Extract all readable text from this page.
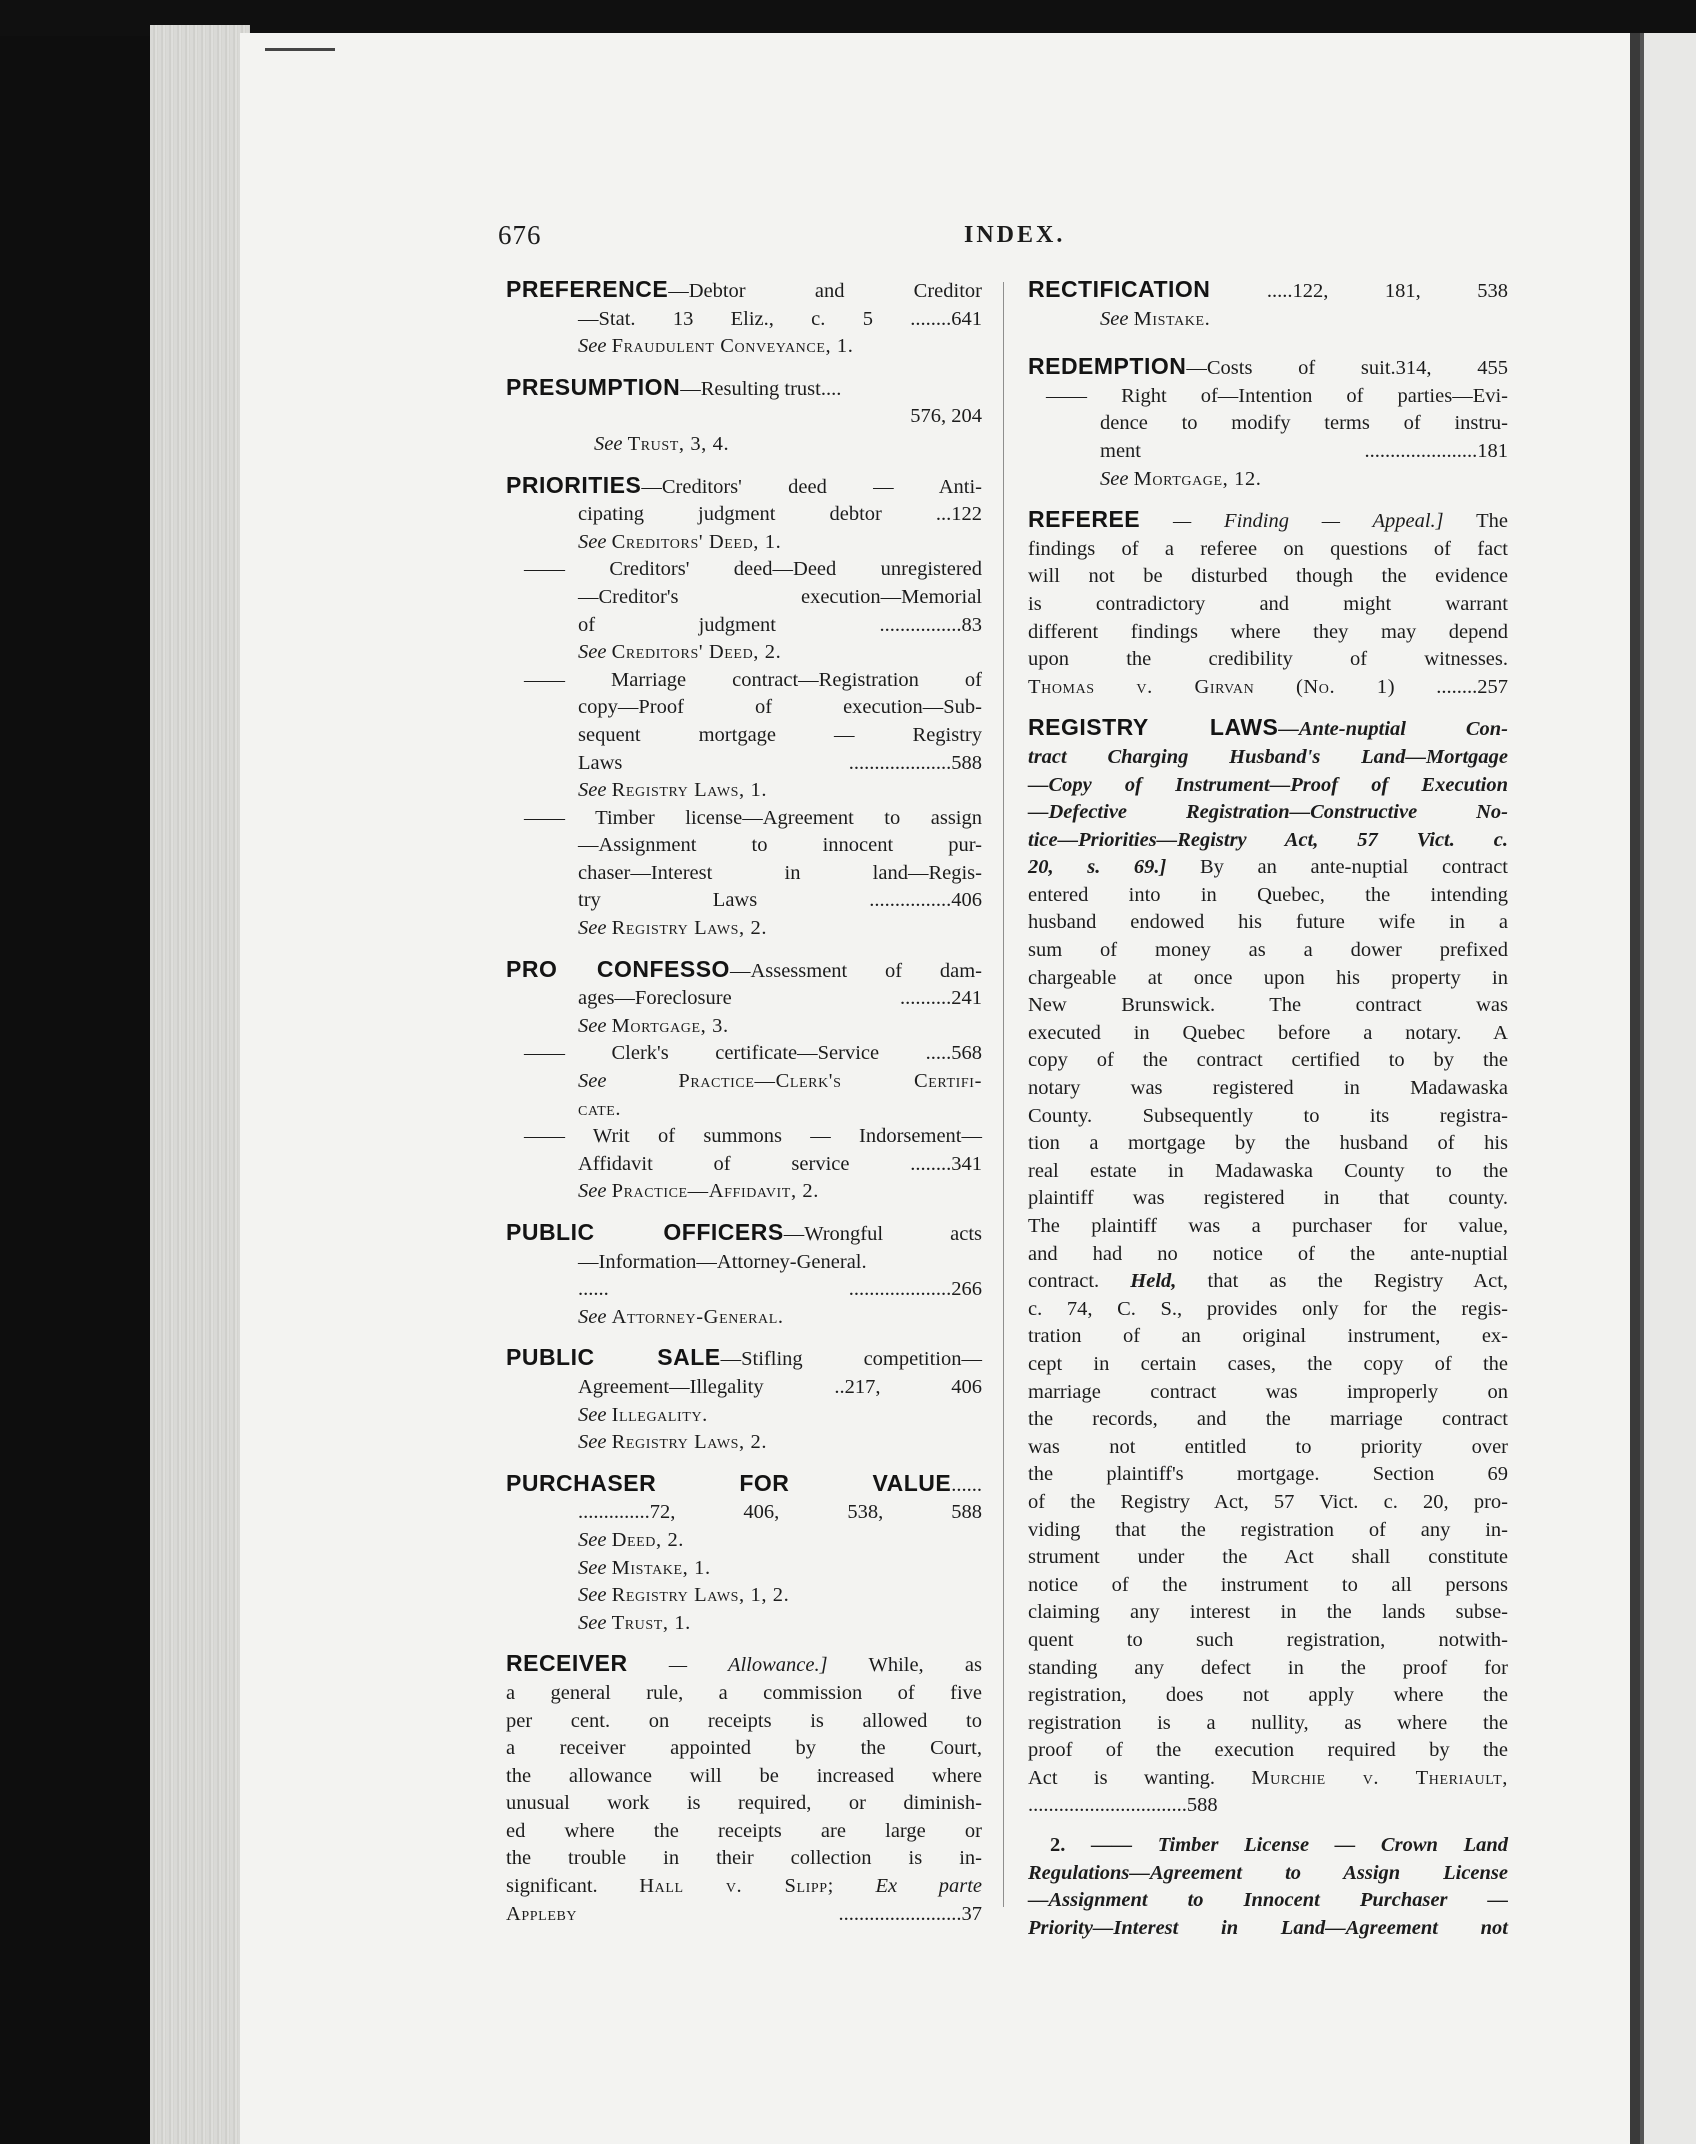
676	INDEX.
PREFERENCE—Debtor and Creditor
—Stat. 13 Eliz., c. 5 ........641
See Fraudulent Conveyance, 1.
PRESUMPTION—Resulting trust....
576, 204
See Trust, 3, 4.
PRIORITIES—Creditors' deed — Anti-
cipating judgment debtor ...122
See Creditors' Deed, 1.
—— Creditors' deed—Deed unregistered
—Creditor's execution—Memorial
of judgment ................83
See Creditors' Deed, 2.
—— Marriage contract—Registration of
copy—Proof of execution—Sub-
sequent mortgage — Registry
Laws ....................588
See Registry Laws, 1.
—— Timber license—Agreement to assign
—Assignment to innocent pur-
chaser—Interest in land—Regis-
try Laws ................406
See Registry Laws, 2.
PRO CONFESSO—Assessment of dam-
ages—Foreclosure ..........241
See Mortgage, 3.
—— Clerk's certificate—Service .....568
See	Practice—Clerk's Certifi-
cate.
—— Writ of summons — Indorsement—
Affidavit of service ........341
See Practice—Affidavit, 2.
PUBLIC OFFICERS—Wrongful acts
—Information—Attorney-General.
...... ....................266
See Attorney-General.
PUBLIC SALE—Stifling competition—
Agreement—Illegality ..217, 406
See Illegality.
See Registry Laws, 2.
PURCHASER FOR VALUE......
..............72, 406, 538, 588
See Deed, 2.
See Mistake, 1.
See Registry Laws, 1, 2.
See Trust, 1.
RECEIVER — Allowance.] While, as
a general rule, a commission of five
per cent. on receipts is allowed to
a receiver appointed by the Court,
the allowance will be increased where
unusual work is required, or diminish-
ed where the receipts are large or
the trouble in their collection is in-
significant. Hall v. Slipp; Ex parte
Appleby	........................37
RECTIFICATION	.....122, 181, 538
See Mistake.
REDEMPTION—Costs of suit.314, 455
—— Right of—Intention of parties—Evi-
dence to modify terms of instru-
ment ......................181
See Mortgage, 12.
REFEREE — Finding — Appeal.] The
findings of a referee on questions of fact
will not be disturbed though the evidence
is contradictory and might warrant
different findings where they may depend
upon the credibility of witnesses.
Thomas v. Girvan (No. 1) ........257
REGISTRY LAWS—Ante-nuptial Con-
tract Charging Husband's Land—Mortgage
—Copy of Instrument—Proof of Execution
—Defective Registration—Constructive No-
tice—Priorities—Registry Act, 57 Vict. c.
20, s. 69.] By an ante-nuptial contract
entered into in Quebec, the intending
husband endowed his future wife in a
sum of money as a dower prefixed
chargeable at once upon his property in
New Brunswick. The contract was
executed in Quebec before a notary. A
copy of the contract certified to by the
notary was registered in Madawaska
County. Subsequently to its registra-
tion a mortgage by the husband of his
real estate in Madawaska County to the
plaintiff was registered in that county.
The plaintiff was a purchaser for value,
and had no notice of the ante-nuptial
contract. Held, that as the Registry Act,
c. 74, C. S., provides only for the regis-
tration of an original instrument, ex-
cept in certain cases, the copy of the
marriage contract was improperly on
the records, and the marriage contract
was not entitled to priority over
the plaintiff's mortgage. Section 69
of the Registry Act, 57 Vict. c. 20, pro-
viding that the registration of any in-
strument under the Act shall constitute
notice of the instrument to all persons
claiming any interest in the lands subse-
quent to such registration, notwith-
standing any defect in the proof for
registration, does not apply where the
registration is a nullity, as where the
proof of the execution required by the
Act is wanting. Murchie v. Theriault,
...............................588
2. —— Timber License — Crown Land
Regulations—Agreement to Assign License
—Assignment to Innocent Purchaser —
Priority—Interest in Land—Agreement not
